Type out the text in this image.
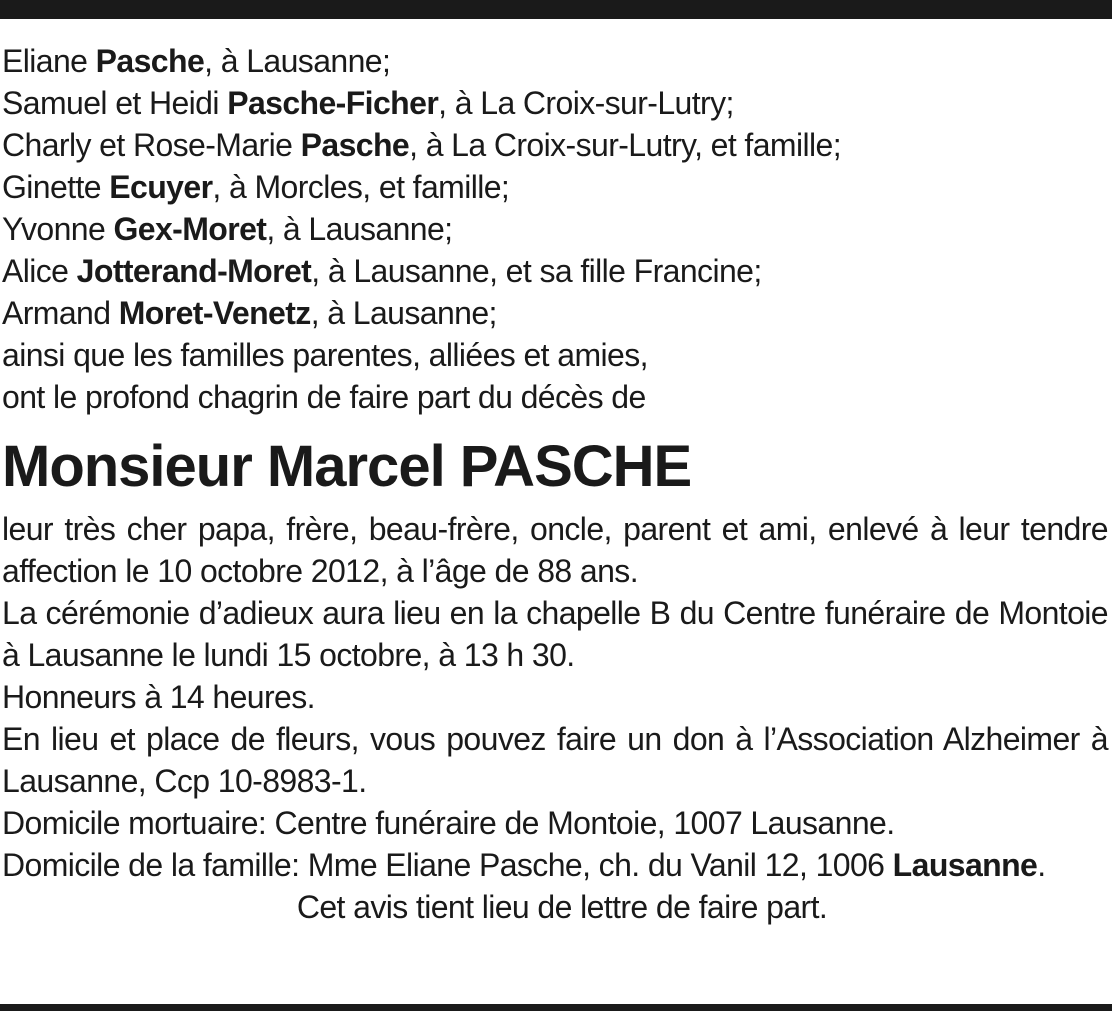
Eliane Pasche, à Lausanne;
Samuel et Heidi Pasche-Ficher, à La Croix-sur-Lutry;
Charly et Rose-Marie Pasche, à La Croix-sur-Lutry, et famille;
Ginette Ecuyer, à Morcles, et famille;
Yvonne Gex-Moret, à Lausanne;
Alice Jotterand-Moret, à Lausanne, et sa fille Francine;
Armand Moret-Venetz, à Lausanne;
ainsi que les familles parentes, alliées et amies,
ont le profond chagrin de faire part du décès de
Monsieur Marcel PASCHE
leur très cher papa, frère, beau-frère, oncle, parent et ami, enlevé à leur tendre affection le 10 octobre 2012, à l’âge de 88 ans.
La cérémonie d’adieux aura lieu en la chapelle B du Centre funéraire de Montoie à Lausanne le lundi 15 octobre, à 13 h 30.
Honneurs à 14 heures.
En lieu et place de fleurs, vous pouvez faire un don à l’Association Alzheimer à Lausanne, Ccp 10-8983-1.
Domicile mortuaire: Centre funéraire de Montoie, 1007 Lausanne.
Domicile de la famille: Mme Eliane Pasche, ch. du Vanil 12, 1006 Lausanne.
Cet avis tient lieu de lettre de faire part.
